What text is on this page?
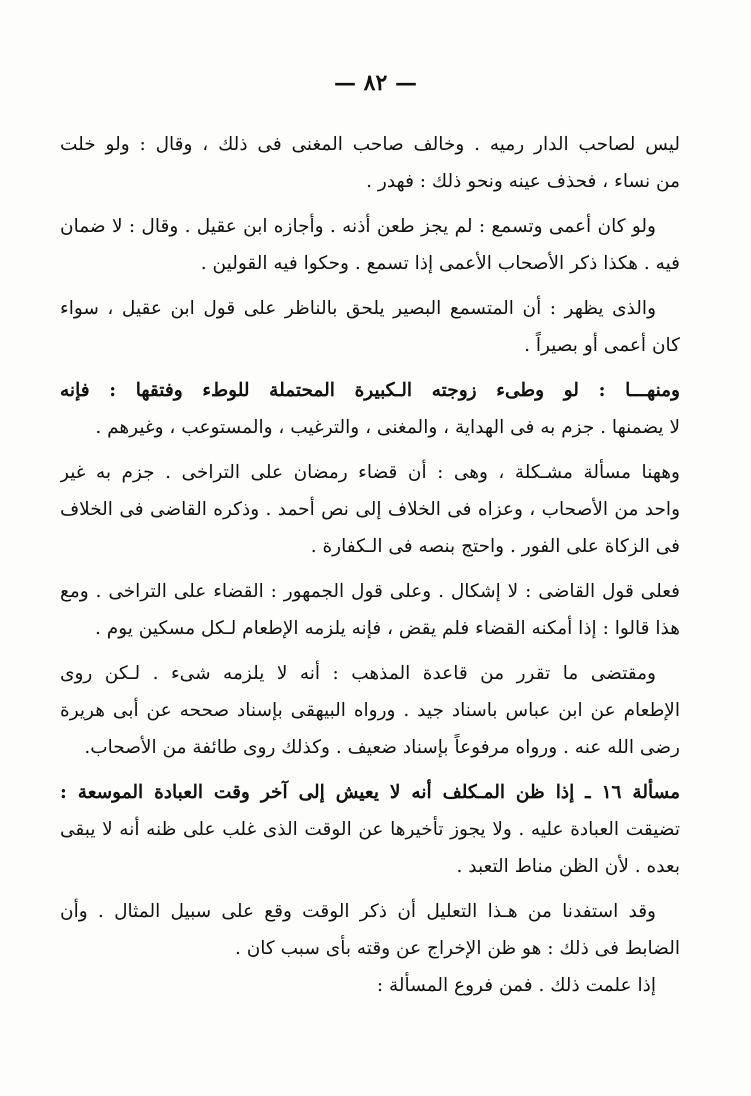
— ٨٢ —
ليس لصاحب الدار رميه . وخالف صاحب المغنى فى ذلك ، وقال : ولو خلت
من نساء ، فحذف عينه ونحو ذلك : فهدر .
ولو كان أعمى وتسمع : لم يجز طعن أذنه . وأجازه ابن عقيل . وقال : لا ضمان
فيه . هكذا ذكر الأصحاب الأعمى إذا تسمع . وحكوا فيه القولين .
والذى يظهر : أن المتسمع البصير يلحق بالناظر على قول ابن عقيل ، سواء
كان أعمى أو بصيراً .
ومنهـــا : لو وطىء زوجته الـكبيرة المحتملة للوطء وفتقها : فإنه
لا يضمنها . جزم به فى الهداية ، والمغنى ، والترغيب ، والمستوعب ، وغيرهم .
وههنا مسألة مشـكلة ، وهى : أن قضاء رمضان على التراخى . جزم به غير
واحد من الأصحاب ، وعزاه فى الخلاف إلى نص أحمد . وذكره القاضى فى الخلاف
فى الزكاة على الفور . واحتج بنصه فى الـكفارة .
فعلى قول القاضى : لا إشكال . وعلى قول الجمهور : القضاء على التراخى . ومع
هذا قالوا : إذا أمكنه القضاء فلم يقض ، فإنه يلزمه الإطعام لـكل مسكين يوم .
ومقتضى ما تقرر من قاعدة المذهب : أنه لا يلزمه شىء . لـكن روى
الإطعام عن ابن عباس باسناد جيد . ورواه البيهقى بإسناد صححه عن أبى هريرة
رضى الله عنه . ورواه مرفوعاً بإسناد ضعيف . وكذلك روى طائفة من الأصحاب.
مسألة ١٦ ـ إذا ظن المـكلف أنه لا يعيش إلى آخر وقت العبادة الموسعة :
تضيقت العبادة عليه . ولا يجوز تأخيرها عن الوقت الذى غلب على ظنه أنه لا يبقى
بعده . لأن الظن مناط التعبد .
وقد استفدنا من هـذا التعليل أن ذكر الوقت وقع على سبيل المثال . وأن
الضابط فى ذلك : هو ظن الإخراج عن وقته بأى سبب كان .
إذا علمت ذلك . فمن فروع المسألة :
